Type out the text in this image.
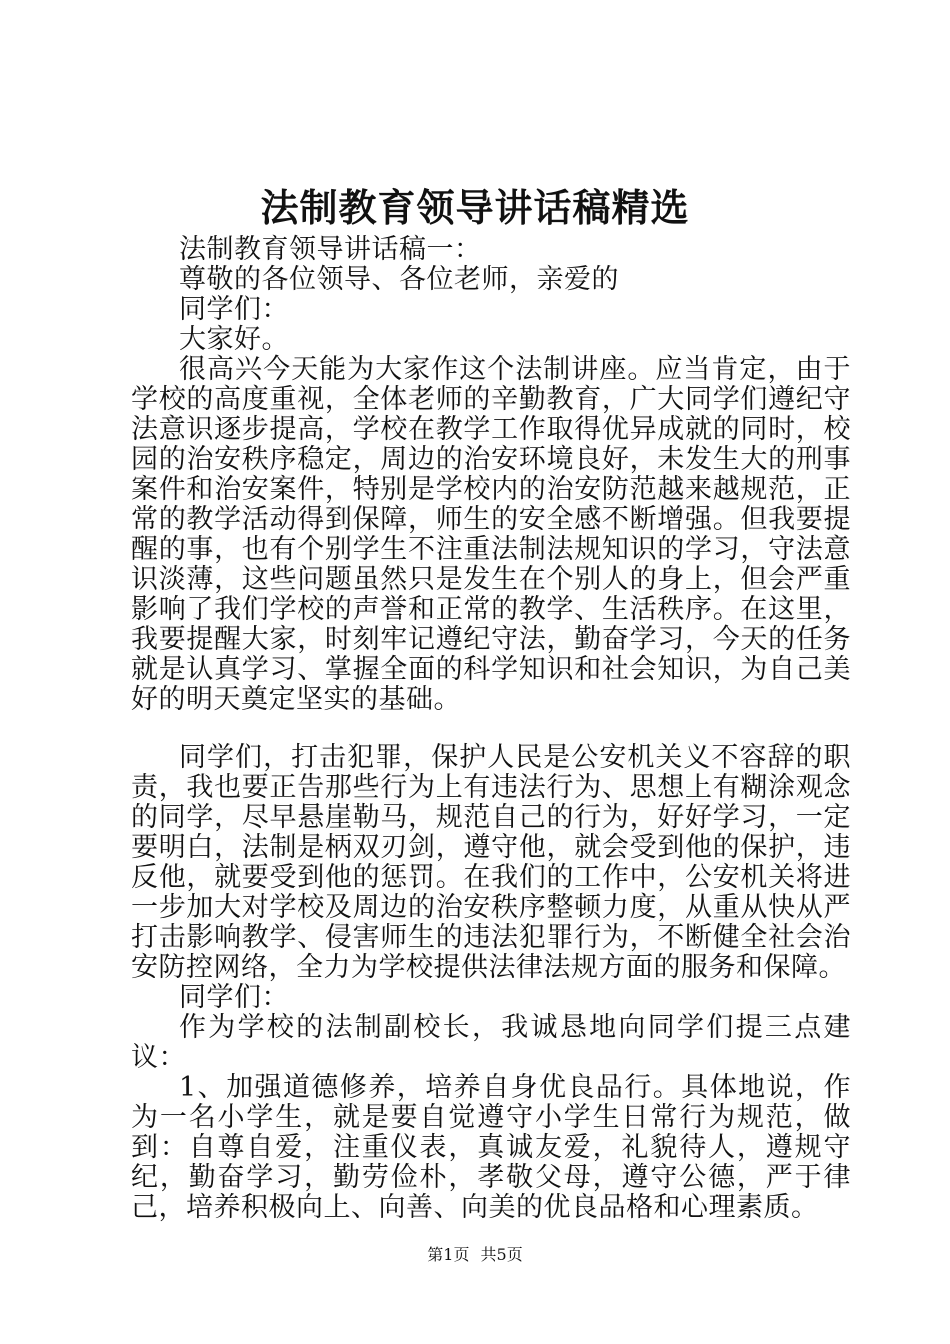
法制教育领导讲话稿精选

法制教育领导讲话稿一：

尊敬的各位领导、各位老师，亲爱的

同学们：

大家好。

很高兴今天能为大家作这个法制讲座。应当肯定，由于学校的高度重视，全体老师的辛勤教育，广大同学们遵纪守法意识逐步提高，学校在教学工作取得优异成就的同时，校园的治安秩序稳定，周边的治安环境良好，未发生大的刑事案件和治安案件，特别是学校内的治安防范越来越规范，正常的教学活动得到保障，师生的安全感不断增强。但我要提醒的事，也有个别学生不注重法制法规知识的学习，守法意识淡薄，这些问题虽然只是发生在个别人的身上，但会严重影响了我们学校的声誉和正常的教学、生活秩序。在这里，我要提醒大家，时刻牢记遵纪守法，勤奋学习，今天的任务就是认真学习、掌握全面的科学知识和社会知识，为自己美好的明天奠定坚实的基础。

同学们，打击犯罪，保护人民是公安机关义不容辞的职责，我也要正告那些行为上有违法行为、思想上有糊涂观念的同学，尽早悬崖勒马，规范自己的行为，好好学习，一定要明白，法制是柄双刃剑，遵守他，就会受到他的保护，违反他，就要受到他的惩罚。在我们的工作中，公安机关将进一步加大对学校及周边的治安秩序整顿力度，从重从快从严打击影响教学、侵害师生的违法犯罪行为，不断健全社会治安防控网络，全力为学校提供法律法规方面的服务和保障。

同学们：

作为学校的法制副校长，我诚恳地向同学们提三点建议：

1、加强道德修养，培养自身优良品行。具体地说，作为一名小学生，就是要自觉遵守小学生日常行为规范，做到：自尊自爱，注重仪表，真诚友爱，礼貌待人，遵规守纪，勤奋学习，勤劳俭朴，孝敬父母，遵守公德，严于律己，培养积极向上、向善、向美的优良品格和心理素质。

第1页 共5页
